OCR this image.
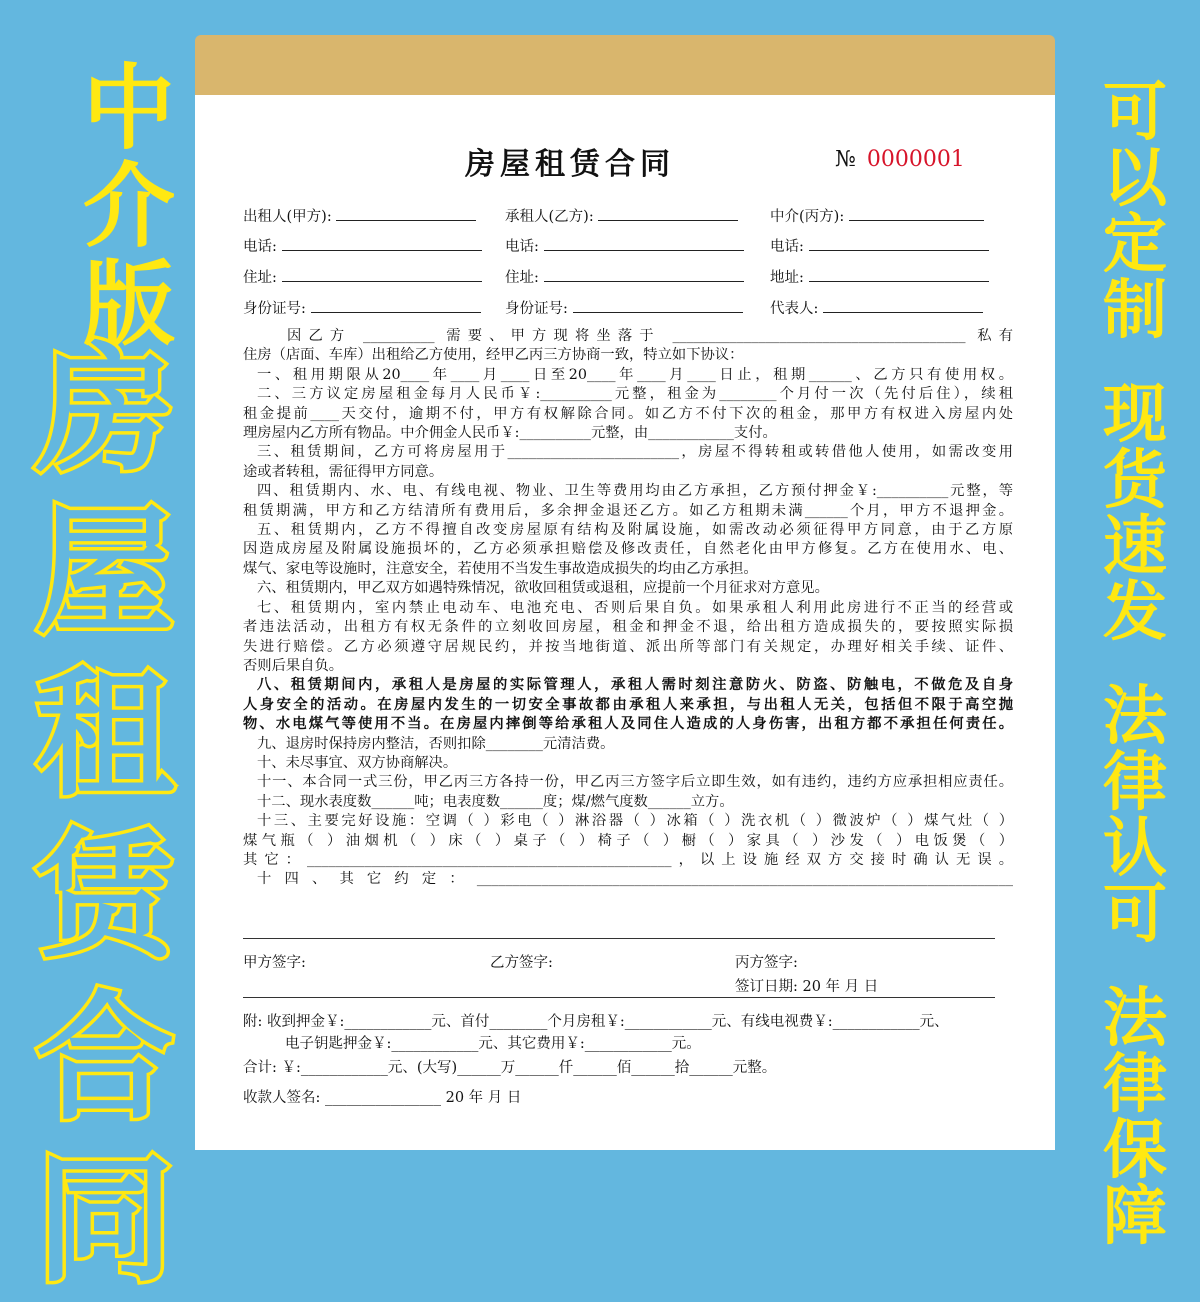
中
介
版
房
屋
租
赁
合
同
可
以
定
制
现
货
速
发
法
律
认
可
法
律
保
障
房屋租赁合同	№ 0000001
出租人(甲方):	承租人(乙方):	中介(丙方):
电话:	电话:	电话:
住址:	住址:	地址:
身份证号:	身份证号:	代表人:

因乙方 __________ 需要、甲方现将坐落于 _________________________________________ 私有

住房（店面、车库）出租给乙方使用，经甲乙丙三方协商一致，特立如下协议：

一、租用期限从20____年____月____日至20____年____月____日止，租期______、乙方只有使用权。

二、三方议定房屋租金每月人民币￥:__________元整，租金为________个月付一次（先付后住），续租

租金提前____天交付，逾期不付，甲方有权解除合同。如乙方不付下次的租金，那甲方有权进入房屋内处

理房屋内乙方所有物品。中介佣金人民币￥:__________元整，由____________支付。

三、租赁期间，乙方可将房屋用于________________________，房屋不得转租或转借他人使用，如需改变用

途或者转租，需征得甲方同意。

四、租赁期内、水、电、有线电视、物业、卫生等费用均由乙方承担，乙方预付押金￥:__________元整，等

租赁期满，甲方和乙方结清所有费用后，多余押金退还乙方。如乙方租期未满______个月，甲方不退押金。

五、租赁期内，乙方不得擅自改变房屋原有结构及附属设施，如需改动必须征得甲方同意，由于乙方原

因造成房屋及附属设施损坏的，乙方必须承担赔偿及修改责任，自然老化由甲方修复。乙方在使用水、电、

煤气、家电等设施时，注意安全，若使用不当发生事故造成损失的均由乙方承担。

六、租赁期内，甲乙双方如遇特殊情况，欲收回租赁或退租，应提前一个月征求对方意见。

七、租赁期内，室内禁止电动车、电池充电、否则后果自负。如果承租人利用此房进行不正当的经营或

者违法活动，出租方有权无条件的立刻收回房屋，租金和押金不退，给出租方造成损失的，要按照实际损

失进行赔偿。乙方必须遵守居规民约，并按当地街道、派出所等部门有关规定，办理好相关手续、证件、

否则后果自负。

八、租赁期间内，承租人是房屋的实际管理人，承租人需时刻注意防火、防盗、防触电，不做危及自身

人身安全的活动。在房屋内发生的一切安全事故都由承租人来承担，与出租人无关，包括但不限于高空抛

物、水电煤气等使用不当。在房屋内摔倒等给承租人及同住人造成的人身伤害，出租方都不承担任何责任。

九、退房时保持房内整洁，否则扣除________元清洁费。

十、未尽事宜、双方协商解决。

十一、本合同一式三份，甲乙丙三方各持一份，甲乙丙三方签字后立即生效，如有违约，违约方应承担相应责任。

十二、现水表度数______吨；电表度数______度；煤/燃气度数______立方。

十三、主要完好设施：空调（ ）彩电（ ）淋浴器（ ）冰箱（ ）洗衣机（ ）微波炉（ ）煤气灶（ ）

煤气瓶（ ）油烟机（ ）床（ ）桌子（ ）椅子（ ）橱（ ）家具（ ）沙发（ ）电饭煲（ ）

其它：___________________________________________________，以上设施经双方交接时确认无误。

十四、其它约定：___________________________________________________________________________

甲方签字:	乙方签字:	丙方签字:
签订日期: 20 年 月 日
附: 收到押金￥:____________元、首付________个月房租￥:____________元、有线电视费￥:____________元、
电子钥匙押金￥:____________元、其它费用￥:____________元。
合计: ￥:____________元、(大写)______万______仟______佰______拾______元整。
收款人签名: ________________ 20 年 月 日
